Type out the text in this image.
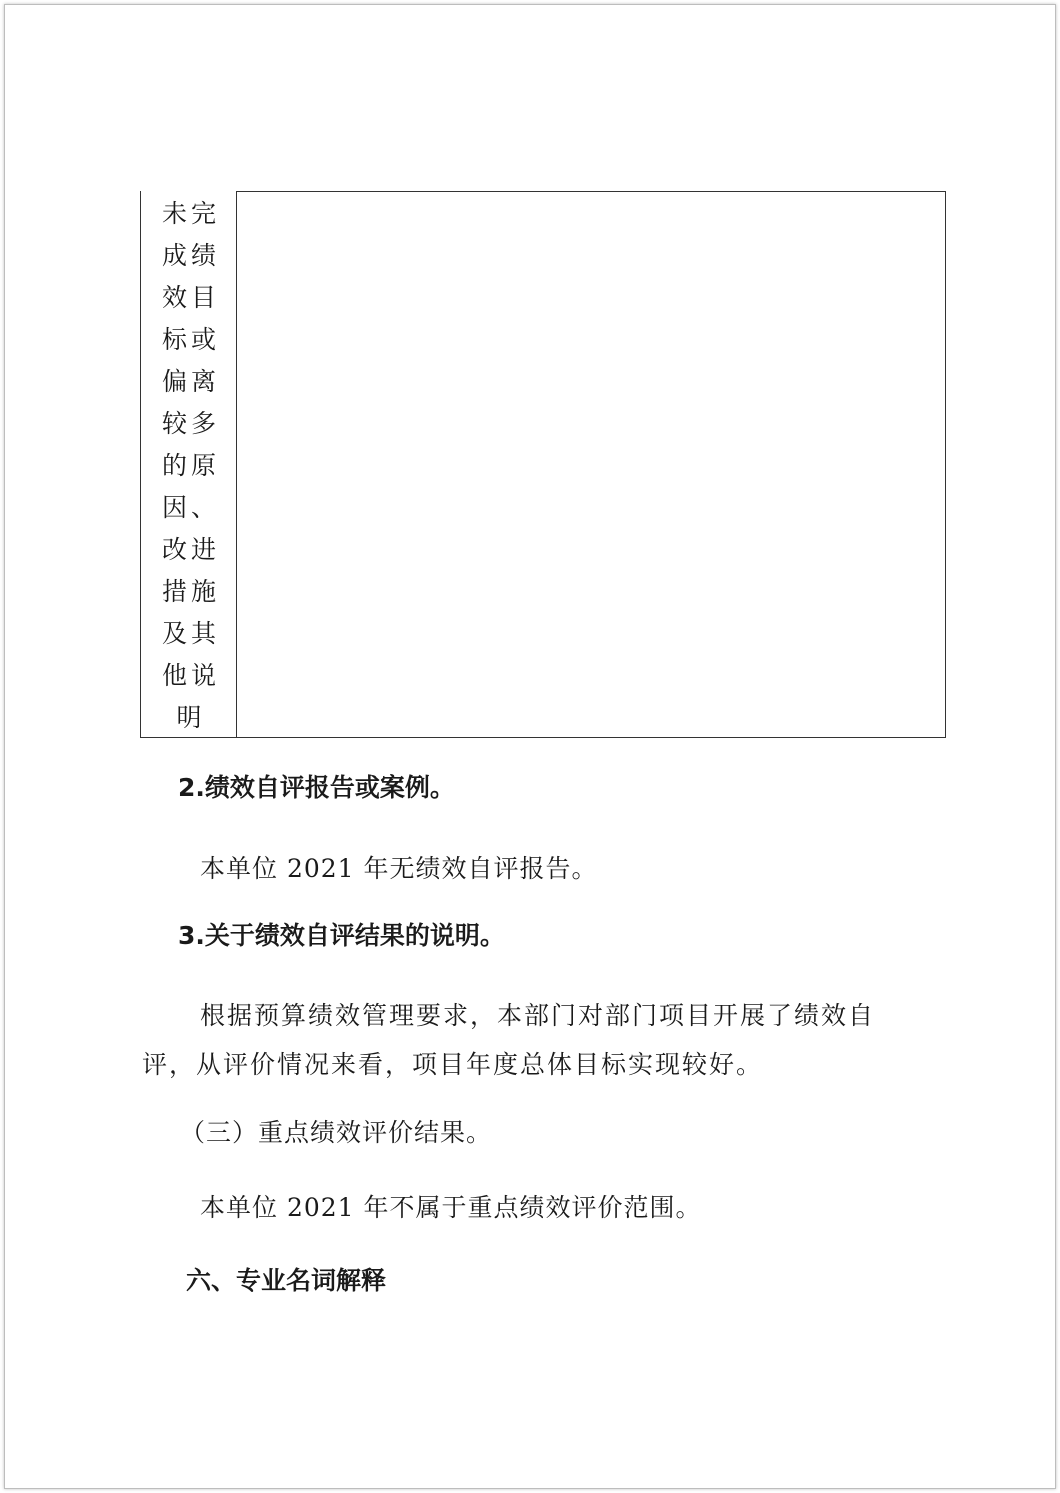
未完成绩效目标或偏离较多的原因、改进措施及其他说明
2.绩效自评报告或案例。
本单位 2021 年无绩效自评报告。
3.关于绩效自评结果的说明。
根据预算绩效管理要求，本部门对部门项目开展了绩效自
评，从评价情况来看，项目年度总体目标实现较好。
（三）重点绩效评价结果。
本单位 2021 年不属于重点绩效评价范围。
六、专业名词解释
